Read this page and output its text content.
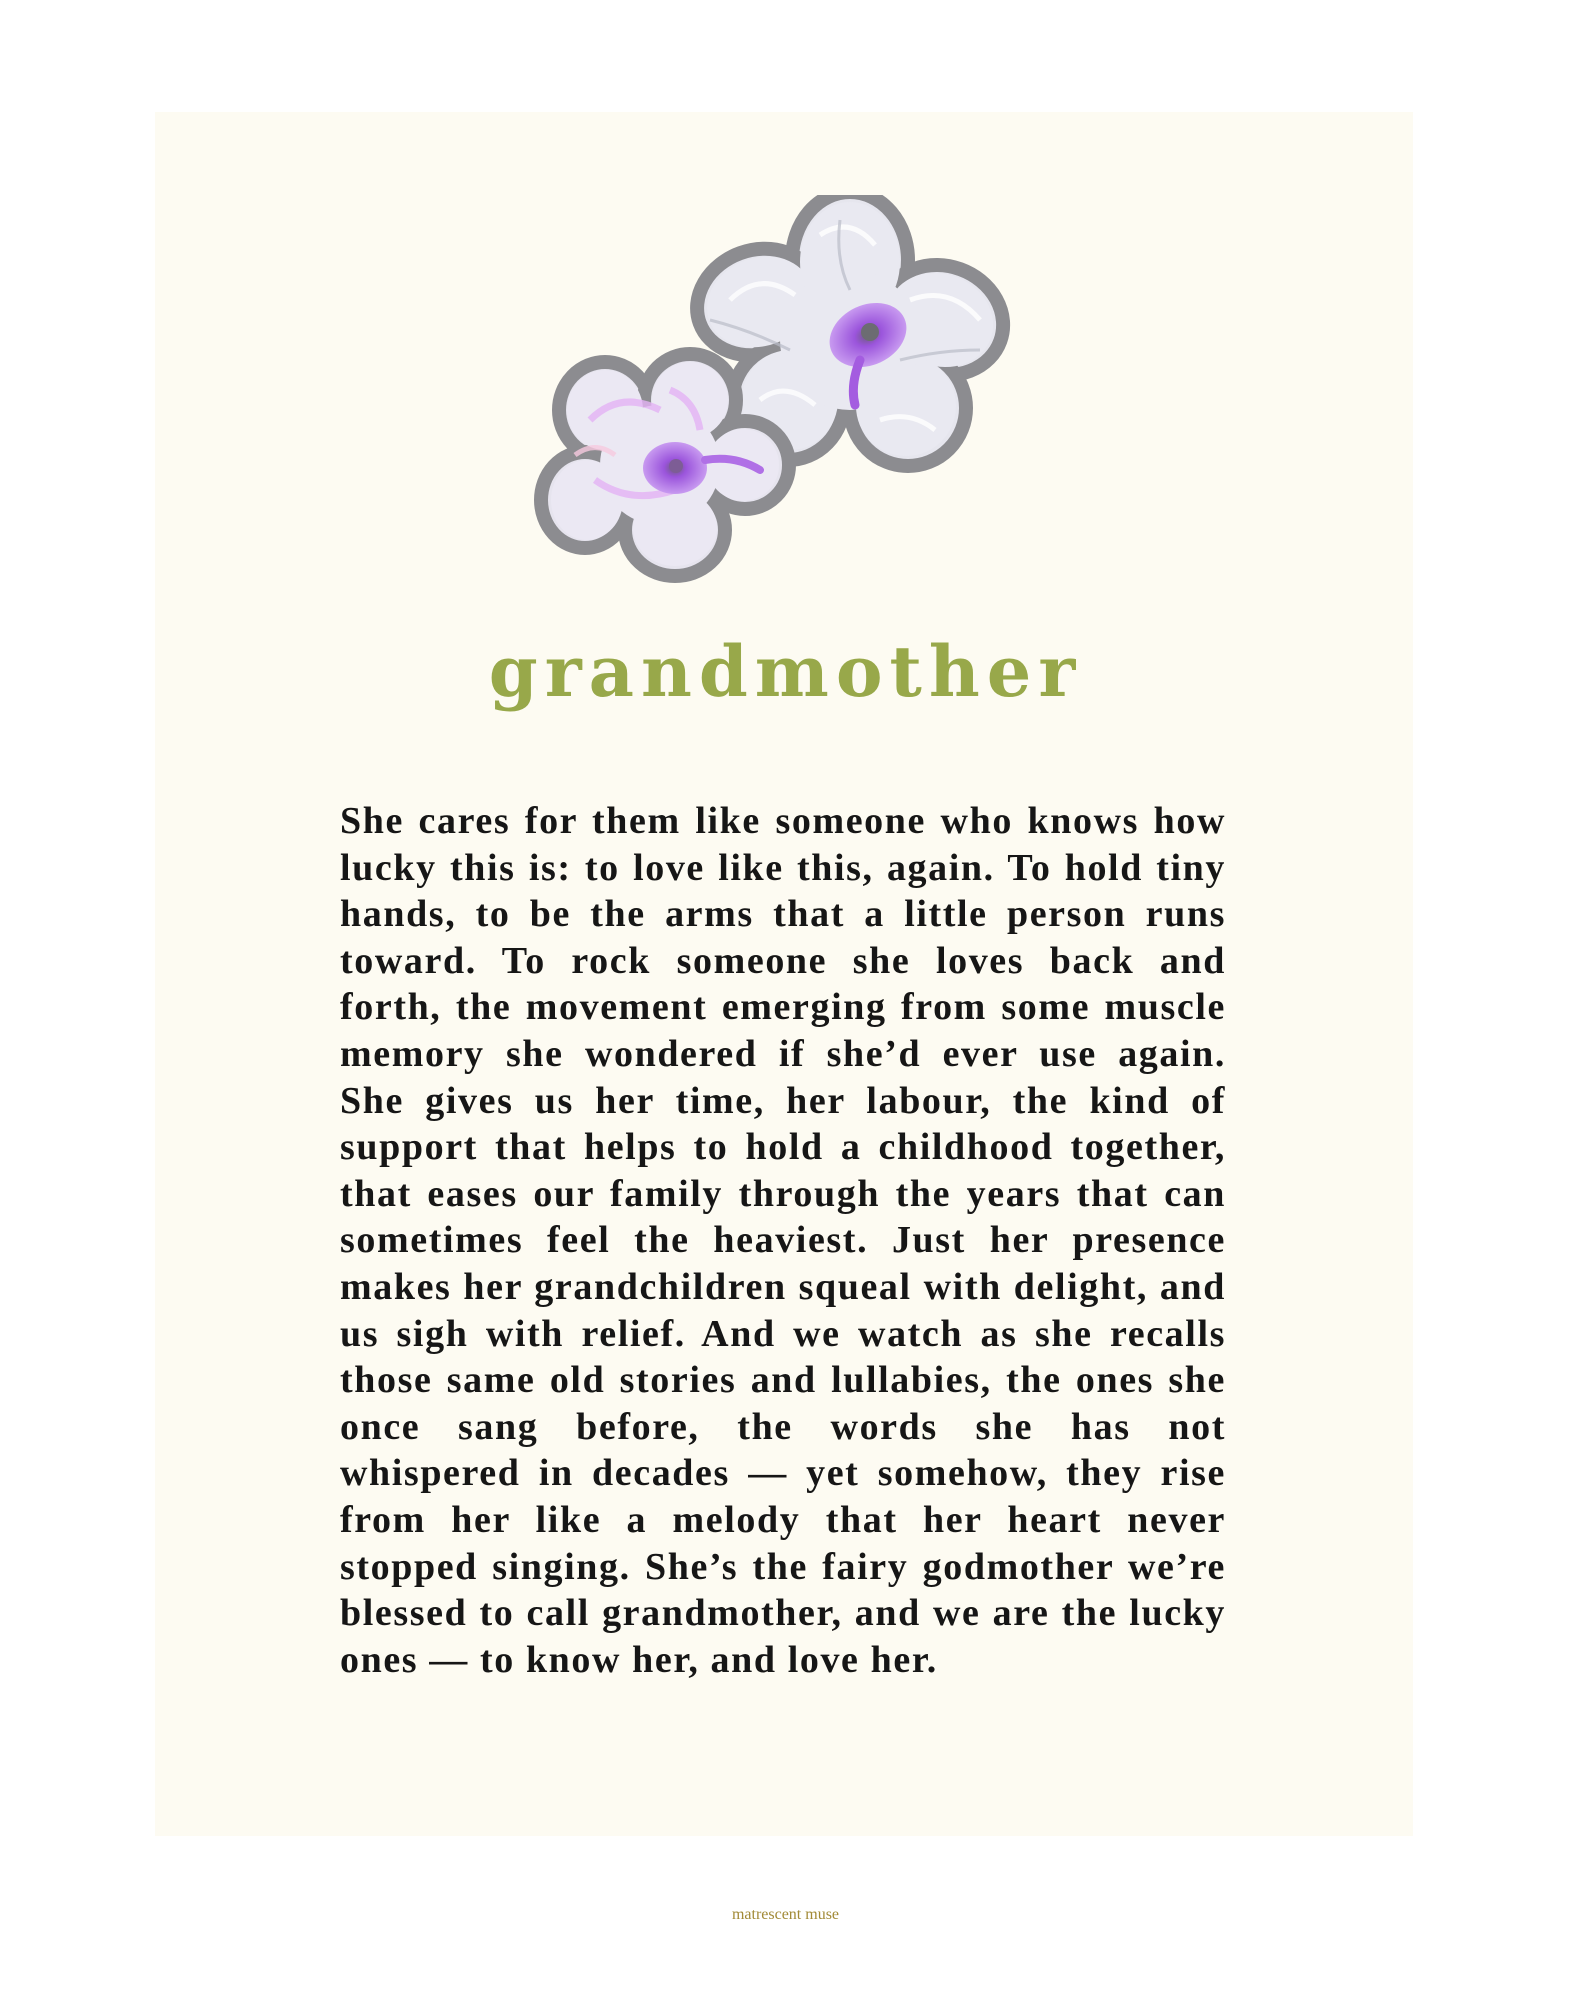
grandmother

She cares for them like someone who knows how lucky this is: to love like this, again. To hold tiny hands, to be the arms that a little person runs toward. To rock someone she loves back and forth, the movement emerging from some muscle memory she wondered if she’d ever use again. She gives us her time, her labour, the kind of support that helps to hold a childhood together, that eases our family through the years that can sometimes feel the heaviest. Just her presence makes her grandchildren squeal with delight, and us sigh with relief. And we watch as she recalls those same old stories and lullabies, the ones she once sang before, the words she has not whispered in decades — yet somehow, they rise from her like a melody that her heart never stopped singing. She’s the fairy godmother we’re blessed to call grandmother, and we are the lucky ones — to know her, and love her.

matrescent muse
